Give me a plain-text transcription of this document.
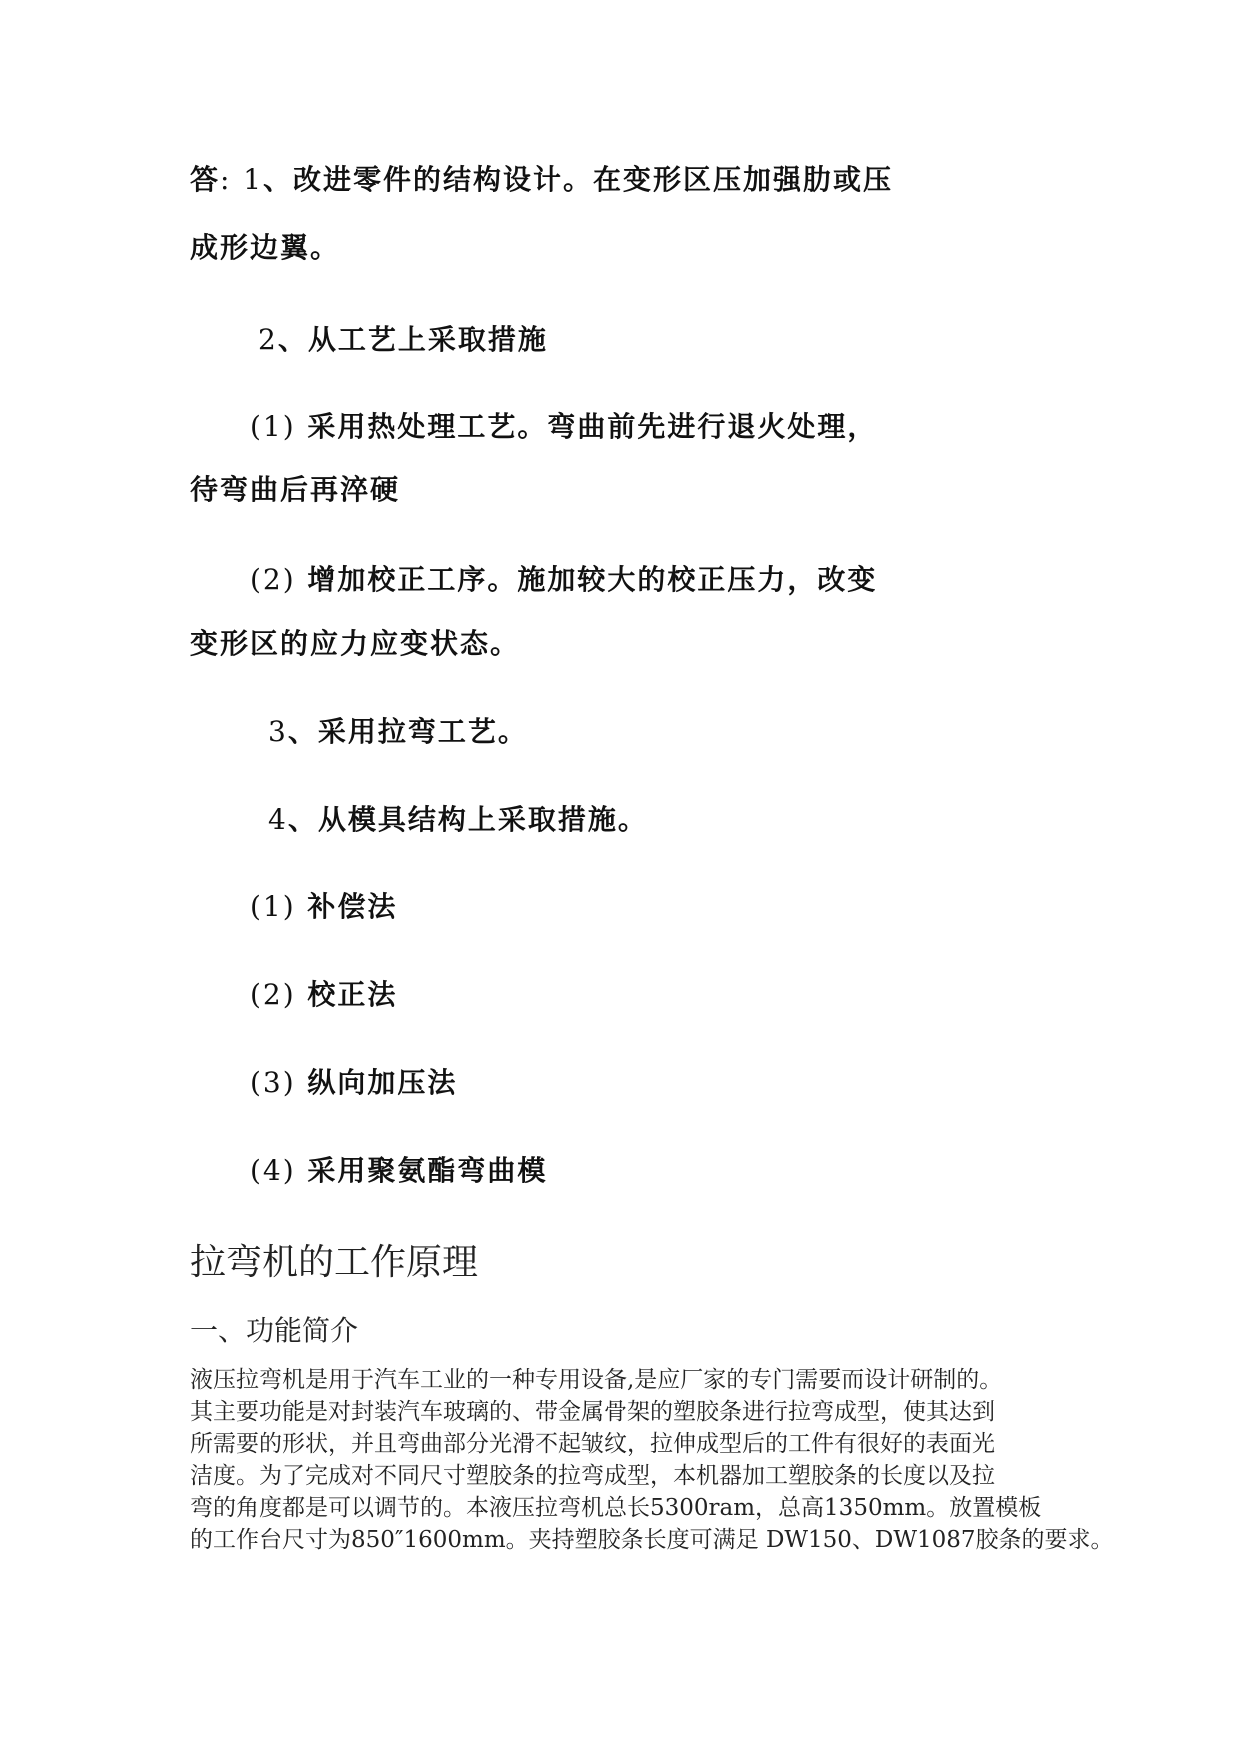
答: 1、改进零件的结构设计。在变形区压加强肋或压
成形边翼。
2、从工艺上采取措施
(1) 采用热处理工艺。弯曲前先进行退火处理，
待弯曲后再淬硬
(2) 增加校正工序。施加较大的校正压力，改变
变形区的应力应变状态。
3、采用拉弯工艺。
4、从模具结构上采取措施。
(1) 补偿法
(2) 校正法
(3) 纵向加压法
(4) 采用聚氨酯弯曲模
拉弯机的工作原理
一、功能简介
液压拉弯机是用于汽车工业的一种专用设备,是应厂家的专门需要而设计研制的。
其主要功能是对封装汽车玻璃的、带金属骨架的塑胶条进行拉弯成型，使其达到
所需要的形状，并且弯曲部分光滑不起皱纹，拉伸成型后的工件有很好的表面光
洁度。为了完成对不同尺寸塑胶条的拉弯成型，本机器加工塑胶条的长度以及拉
弯的角度都是可以调节的。本液压拉弯机总长5300ram，总高1350mm。放置模板
的工作台尺寸为850″1600mm。夹持塑胶条长度可满足 DW150、DW1087胶条的要求。
